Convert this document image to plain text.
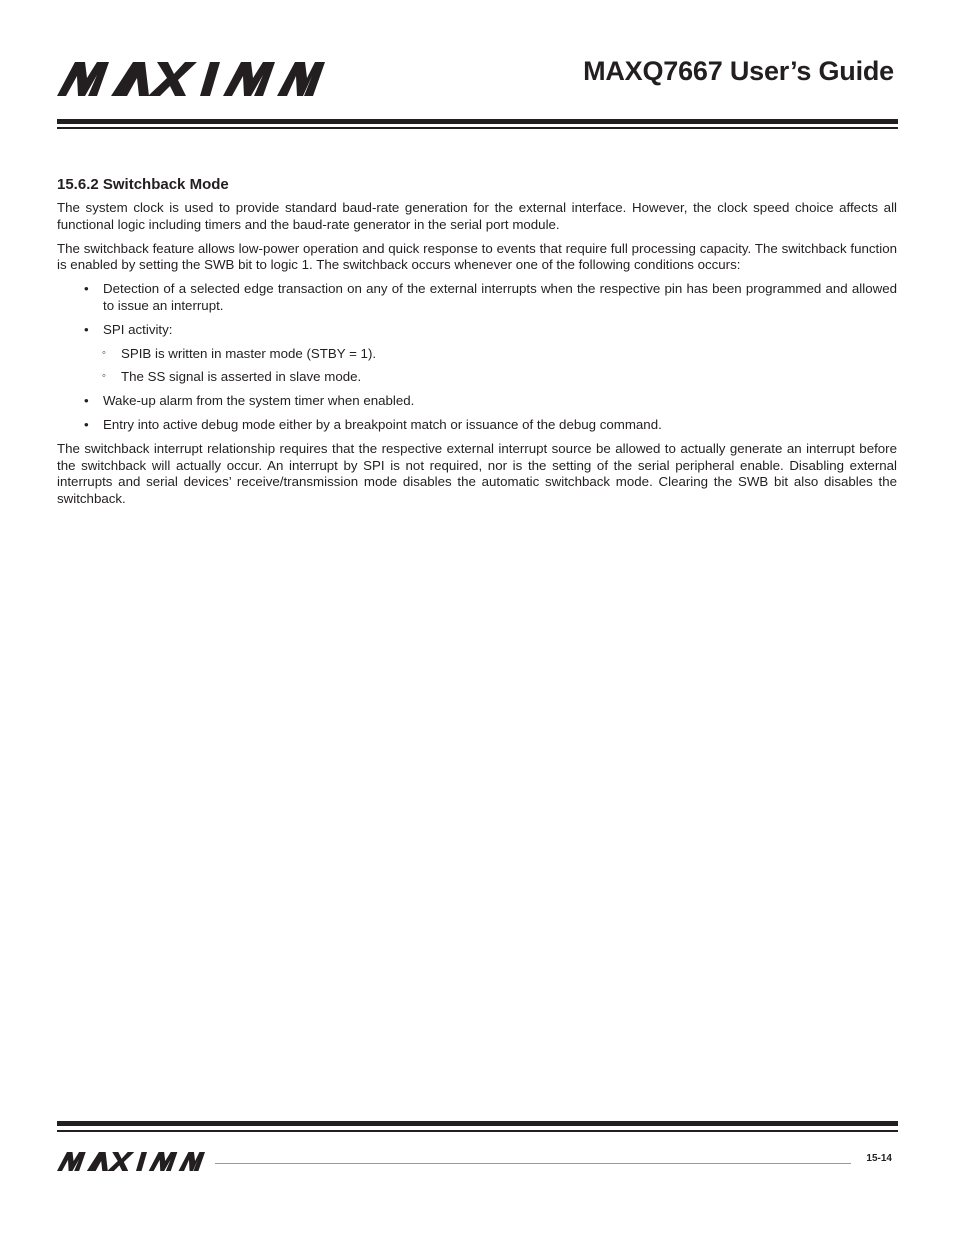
MAXQ7667 User’s Guide
15.6.2 Switchback Mode

The system clock is used to provide standard baud-rate generation for the external interface. However, the clock speed choice affects all functional logic including timers and the baud-rate generator in the serial port module.

The switchback feature allows low-power operation and quick response to events that require full processing capacity. The switchback function is enabled by setting the SWB bit to logic 1. The switchback occurs whenever one of the following conditions occurs:

• Detection of a selected edge transaction on any of the external interrupts when the respective pin has been programmed and allowed to issue an interrupt.
• SPI activity:
◦ SPIB is written in master mode (STBY = 1).
◦ The SS signal is asserted in slave mode.
• Wake-up alarm from the system timer when enabled.
• Entry into active debug mode either by a breakpoint match or issuance of the debug command.

The switchback interrupt relationship requires that the respective external interrupt source be allowed to actually generate an interrupt before the switchback will actually occur. An interrupt by SPI is not required, nor is the setting of the serial peripheral enable. Disabling external interrupts and serial devices’ receive/transmission mode disables the automatic switchback mode. Clearing the SWB bit also disables the switchback.

15-14
